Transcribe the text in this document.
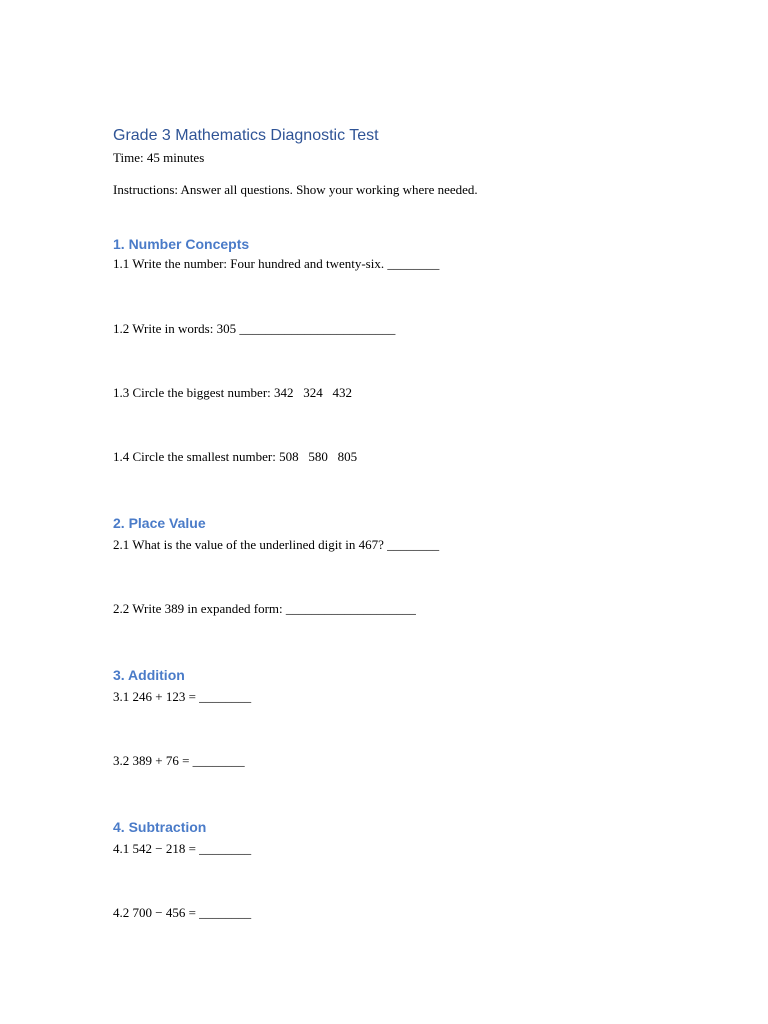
Grade 3 Mathematics Diagnostic Test

Time: 45 minutes

Instructions: Answer all questions. Show your working where needed.

1. Number Concepts

1.1 Write the number: Four hundred and twenty-six. ________

1.2 Write in words: 305 ________________________

1.3 Circle the biggest number: 342   324   432

1.4 Circle the smallest number: 508   580   805

2. Place Value

2.1 What is the value of the underlined digit in 467? ________

2.2 Write 389 in expanded form: ____________________

3. Addition

3.1 246 + 123 = ________

3.2 389 + 76 = ________

4. Subtraction

4.1 542 − 218 = ________

4.2 700 − 456 = ________
